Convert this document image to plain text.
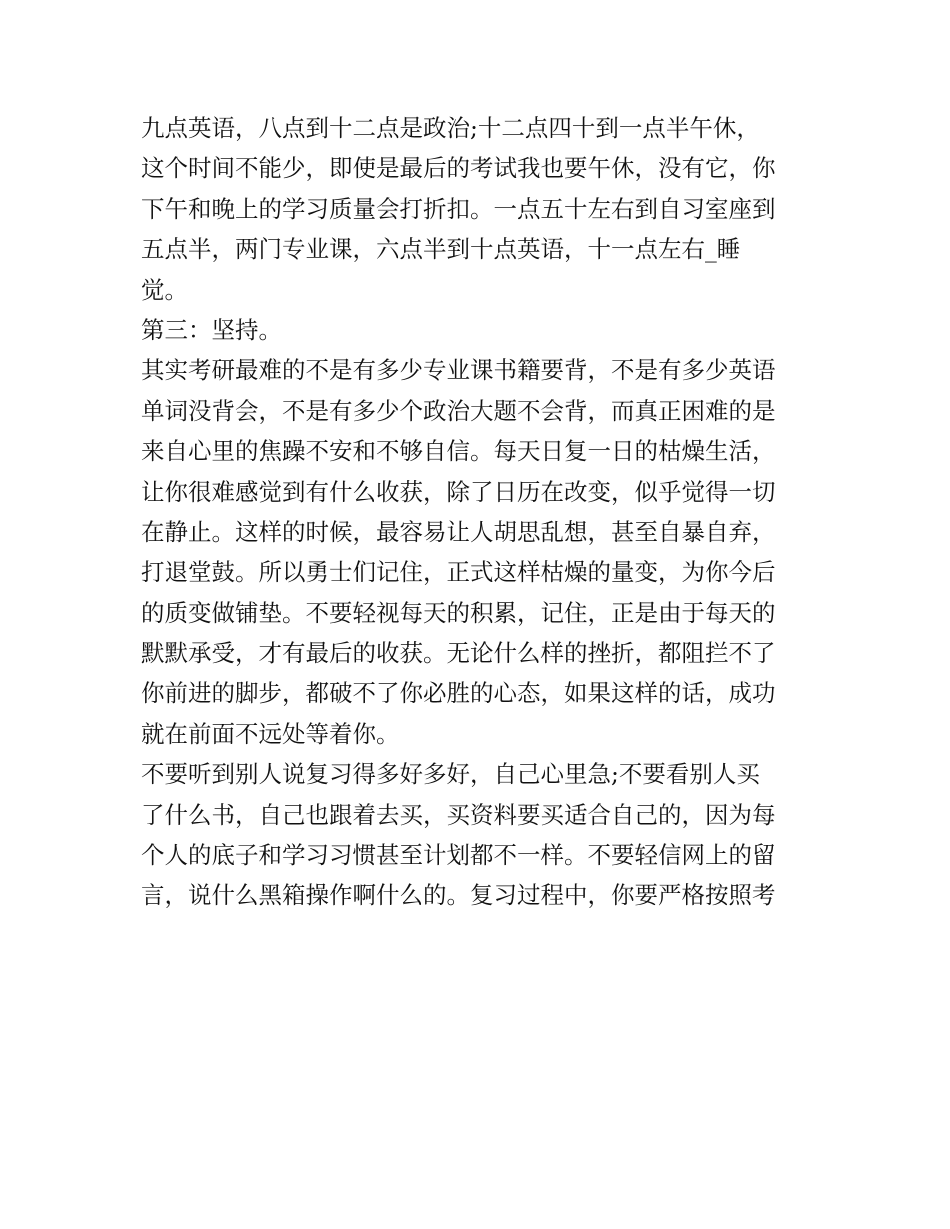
九点英语，八点到十二点是政治;十二点四十到一点半午休，
这个时间不能少，即使是最后的考试我也要午休，没有它，你
下午和晚上的学习质量会打折扣。一点五十左右到自习室座到
五点半，两门专业课，六点半到十点英语，十一点左右_睡
觉。
第三：坚持。
其实考研最难的不是有多少专业课书籍要背，不是有多少英语
单词没背会，不是有多少个政治大题不会背，而真正困难的是
来自心里的焦躁不安和不够自信。每天日复一日的枯燥生活，
让你很难感觉到有什么收获，除了日历在改变，似乎觉得一切
在静止。这样的时候，最容易让人胡思乱想，甚至自暴自弃，
打退堂鼓。所以勇士们记住，正式这样枯燥的量变，为你今后
的质变做铺垫。不要轻视每天的积累，记住，正是由于每天的
默默承受，才有最后的收获。无论什么样的挫折，都阻拦不了
你前进的脚步，都破不了你必胜的心态，如果这样的话，成功
就在前面不远处等着你。
不要听到别人说复习得多好多好，自己心里急;不要看别人买
了什么书，自己也跟着去买，买资料要买适合自己的，因为每
个人的底子和学习习惯甚至计划都不一样。不要轻信网上的留
言，说什么黑箱操作啊什么的。复习过程中，你要严格按照考
